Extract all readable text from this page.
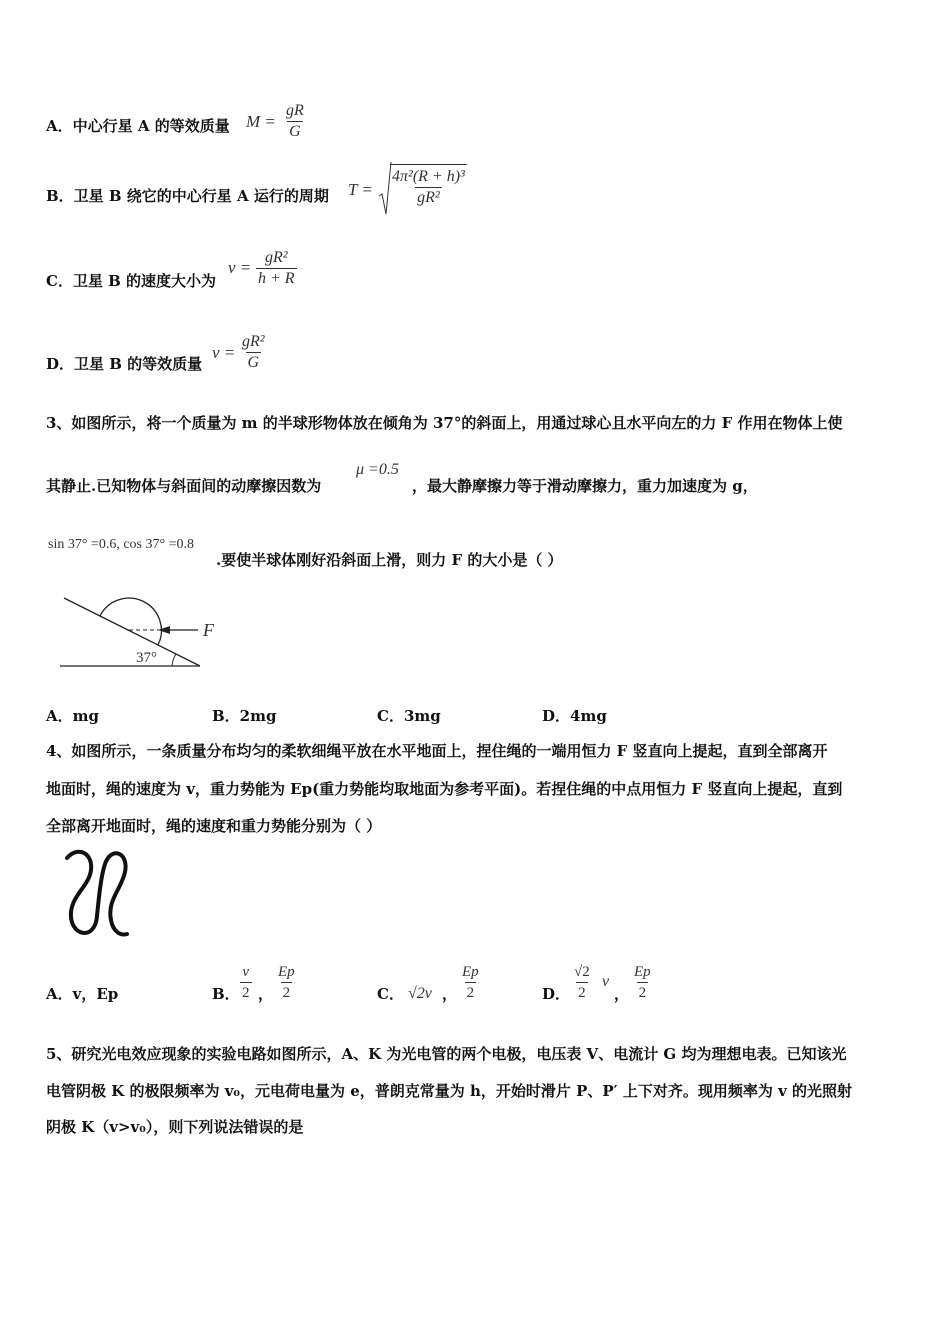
A．中心行星 A 的等效质量 $M = \frac{gR}{G}$
B．卫星 B 绕它的中心行星 A 运行的周期 $T = \frac{\text{4π²(R + h)³}}{\text{gR²}}$
C．卫星 B 的速度大小为
$v = \frac{\text{gR²}}{h + R}$
D．卫星 B 的等效质量
$v = \frac{\text{gR²}}{G}$
3、如图所示，将一个质量为 m 的半球形物体放在倾角为 37°的斜面上，用通过球心且水平向左的力 F 作用在物体上使
其静止.已知物体与斜面间的动摩擦因数为
μ =0.5
，最大静摩擦力等于滑动摩擦力，重力加速度为 g，
sin 37° =0.6, cos 37° =0.8
.要使半球体刚好沿斜面上滑，则力 F 的大小是（ ）
F
37°
A．mg	B．2mg	C．3mg	D．4mg
4、如图所示，一条质量分布均匀的柔软细绳平放在水平地面上，捏住绳的一端用恒力 F 竖直向上提起，直到全部离开
地面时，绳的速度为 v，重力势能为 Ep(重力势能均取地面为参考平面)。若捏住绳的中点用恒力 F 竖直向上提起，直到
全部离开地面时，绳的速度和重力势能分别为（ ）
A．v，Ep	B． $\frac{v}{2}$ ， $\frac{Ep}{2}$	C． √2v ， $\frac{Ep}{2}$	D． $\frac{√2}{2}$ v
， $\frac{Ep}{2}$
5、研究光电效应现象的实验电路如图所示，A、K 为光电管的两个电极，电压表 V、电流计 G 均为理想电表。已知该光
电管阴极 K 的极限频率为 v₀，元电荷电量为 e，普朗克常量为 h，开始时滑片 P、P′ 上下对齐。现用频率为 v 的光照射
阴极 K（v>v₀），则下列说法错误的是
